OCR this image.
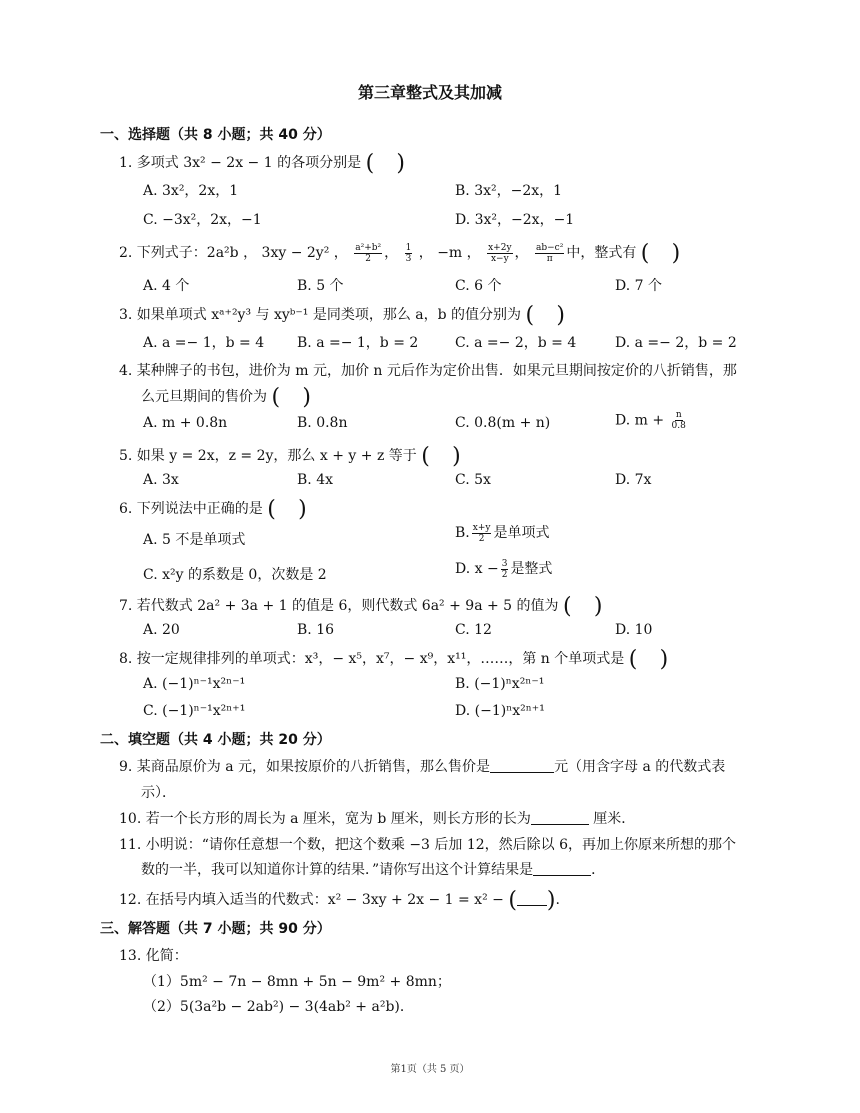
第三章整式及其加减
一、选择题（共 8 小题；共 40 分）
1. 多项式 3x² − 2x − 1 的各项分别是 ( )
A. 3x²，2x，1	B. 3x²，−2x，1
C. −3x²，2x，−1	D. 3x²，−2x，−1
2. 下列式子：2a²b ， 3xy − 2y² ， $\frac{\text{a²+b²}}{2}$ ， $\frac{1}{3}$ ， −m ， $\frac{x+2y}{x-y}$ ， $\frac{\text{ab−c²}}{\pi}$ 中，整式有 ( )
A. 4 个	B. 5 个	C. 6 个	D. 7 个
3. 如果单项式 xᵃ⁺²y³ 与 xyᵇ⁻¹ 是同类项，那么 a，b 的值分别为 ( )
A. a =− 1，b = 4 B. a =− 1，b = 2	C. a =− 2，b = 4	D. a =− 2，b = 2
4. 某种牌子的书包，进价为 m 元，加价 n 元后作为定价出售．如果元旦期间按定价的八折销售，那
么元旦期间的售价为 ( )
A. m + 0.8n	B. 0.8n	C. 0.8(m + n)	D. $m + \frac{n}{0.8}$
5. 如果 y = 2x，z = 2y，那么 x + y + z 等于 ( )
A. 3x	B. 4x	C. 5x	D. 7x
6. 下列说法中正确的是 ( )
A. 5 不是单项式	B. $\frac{x+y}{2}$ 是单项式
C. x²y 的系数是 0，次数是 2	D. $x - \frac{3}{2}$ 是整式
7. 若代数式 2a² + 3a + 1 的值是 6，则代数式 6a² + 9a + 5 的值为 ( )
A. 20	B. 16	C. 12	D. 10
8. 按一定规律排列的单项式：x³，− x⁵，x⁷，− x⁹，x¹¹，……，第 n 个单项式是 ( )
A. (−1)ⁿ⁻¹x²ⁿ⁻¹	B. (−1)ⁿx²ⁿ⁻¹
C. (−1)ⁿ⁻¹x²ⁿ⁺¹	D. (−1)ⁿx²ⁿ⁺¹
二、填空题（共 4 小题；共 20 分）
9. 某商品原价为 a 元，如果按原价的八折销售，那么售价是	元（用含字母 a 的代数式表
示）．
10. 若一个长方形的周长为 a 厘米，宽为 b 厘米，则长方形的长为	厘米．
11. 小明说：“请你任意想一个数，把这个数乘 −3 后加 12，然后除以 6，再加上你原来所想的那个
数的一半，我可以知道你计算的结果．”请你写出这个计算结果是	．
12. 在括号内填入适当的代数式：x² − 3xy + 2x − 1 = x² − ( ).
三、解答题（共 7 小题；共 90 分）
13. 化简：
（1）5m² − 7n − 8mn + 5n − 9m² + 8mn；
（2）5(3a²b − 2ab²) − 3(4ab² + a²b)．
第1页（共 5 页）
